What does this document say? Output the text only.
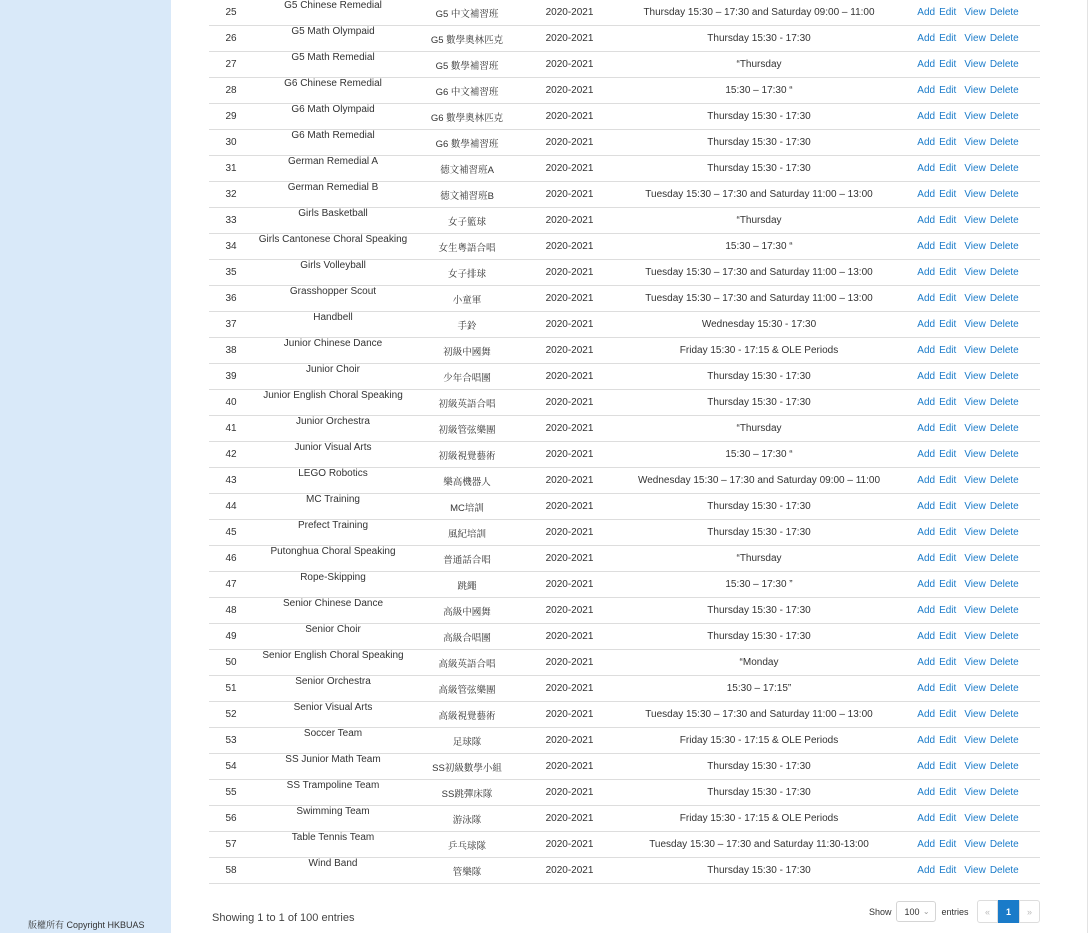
版權所有 Copyright HKBUAS
25	G5 Chinese Remedial	G5 中文補習班	2020-2021	Thursday 15:30 – 17:30 and Saturday 09:00 – 11:00	Add Edit View Delete
26	G5 Math Olympaid	G5 數學奧林匹克	2020-2021	Thursday 15:30 - 17:30	Add Edit View Delete
27	G5 Math Remedial	G5 數學補習班	2020-2021	“Thursday	Add Edit View Delete
28	G6 Chinese Remedial	G6 中文補習班	2020-2021	15:30 – 17:30 “	Add Edit View Delete
29	G6 Math Olympaid	G6 數學奧林匹克	2020-2021	Thursday 15:30 - 17:30	Add Edit View Delete
30	G6 Math Remedial	G6 數學補習班	2020-2021	Thursday 15:30 - 17:30	Add Edit View Delete
31	German Remedial A	德文補習班A	2020-2021	Thursday 15:30 - 17:30	Add Edit View Delete
32	German Remedial B	德文補習班B	2020-2021	Tuesday 15:30 – 17:30 and Saturday 11:00 – 13:00	Add Edit View Delete
33	Girls Basketball	女子籃球	2020-2021	“Thursday	Add Edit View Delete
34	Girls Cantonese Choral Speaking	女生粵語合唱	2020-2021	15:30 – 17:30 “	Add Edit View Delete
35	Girls Volleyball	女子排球	2020-2021	Tuesday 15:30 – 17:30 and Saturday 11:00 – 13:00	Add Edit View Delete
36	Grasshopper Scout	小童軍	2020-2021	Tuesday 15:30 – 17:30 and Saturday 11:00 – 13:00	Add Edit View Delete
37	Handbell	手鈴	2020-2021	Wednesday 15:30 - 17:30	Add Edit View Delete
38	Junior Chinese Dance	初級中國舞	2020-2021	Friday 15:30 - 17:15 & OLE Periods	Add Edit View Delete
39	Junior Choir	少年合唱團	2020-2021	Thursday 15:30 - 17:30	Add Edit View Delete
40	Junior English Choral Speaking	初級英語合唱	2020-2021	Thursday 15:30 - 17:30	Add Edit View Delete
41	Junior Orchestra	初級管弦樂團	2020-2021	“Thursday	Add Edit View Delete
42	Junior Visual Arts	初級視覺藝術	2020-2021	15:30 – 17:30 “	Add Edit View Delete
43	LEGO Robotics	樂高機器人	2020-2021	Wednesday 15:30 – 17:30 and Saturday 09:00 – 11:00	Add Edit View Delete
44	MC Training	MC培訓	2020-2021	Thursday 15:30 - 17:30	Add Edit View Delete
45	Prefect Training	風紀培訓	2020-2021	Thursday 15:30 - 17:30	Add Edit View Delete
46	Putonghua Choral Speaking	普通話合唱	2020-2021	“Thursday	Add Edit View Delete
47	Rope-Skipping	跳繩	2020-2021	15:30 – 17:30 ”	Add Edit View Delete
48	Senior Chinese Dance	高級中國舞	2020-2021	Thursday 15:30 - 17:30	Add Edit View Delete
49	Senior Choir	高級合唱團	2020-2021	Thursday 15:30 - 17:30	Add Edit View Delete
50	Senior English Choral Speaking	高級英語合唱	2020-2021	“Monday	Add Edit View Delete
51	Senior Orchestra	高級管弦樂團	2020-2021	15:30 – 17:15”	Add Edit View Delete
52	Senior Visual Arts	高級視覺藝術	2020-2021	Tuesday 15:30 – 17:30 and Saturday 11:00 – 13:00	Add Edit View Delete
53	Soccer Team	足球隊	2020-2021	Friday 15:30 - 17:15 & OLE Periods	Add Edit View Delete
54	SS Junior Math Team	SS初級數學小組	2020-2021	Thursday 15:30 - 17:30	Add Edit View Delete
55	SS Trampoline Team	SS跳彈床隊	2020-2021	Thursday 15:30 - 17:30	Add Edit View Delete
56	Swimming Team	游泳隊	2020-2021	Friday 15:30 - 17:15 & OLE Periods	Add Edit View Delete
57	Table Tennis Team	乒乓球隊	2020-2021	Tuesday 15:30 – 17:30 and Saturday 11:30-13:00	Add Edit View Delete
58	Wind Band	管樂隊	2020-2021	Thursday 15:30 - 17:30	Add Edit View Delete
Showing 1 to 1 of 100 entries
Show 100 ⌄ entries	«	1	»
